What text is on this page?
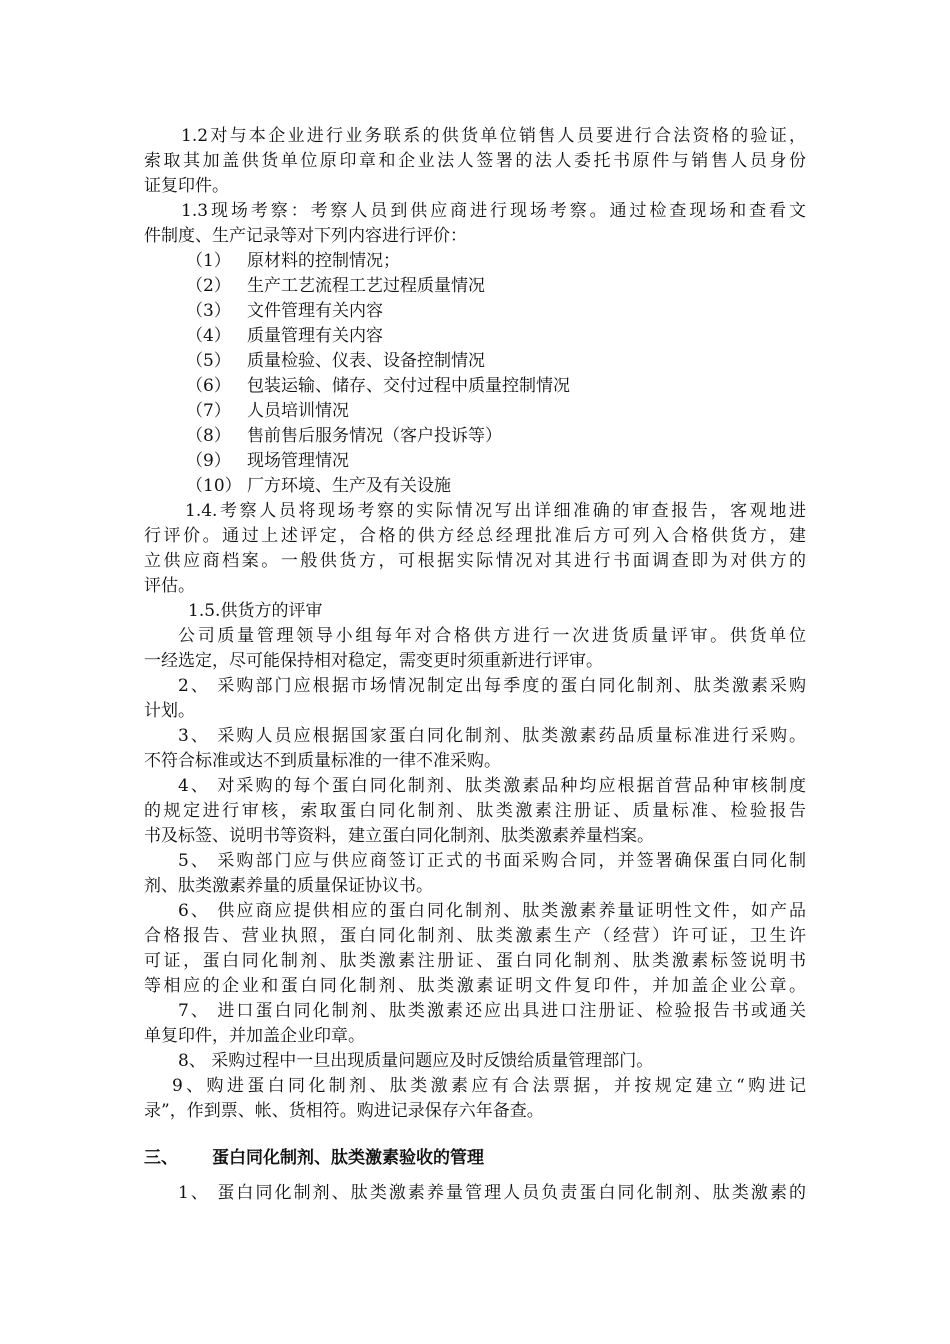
1.2对与本企业进行业务联系的供货单位销售人员要进行合法资格的验证，
索取其加盖供货单位原印章和企业法人签署的法人委托书原件与销售人员身份
证复印件。
1.3现场考察：考察人员到供应商进行现场考察。通过检查现场和查看文
件制度、生产记录等对下列内容进行评价：
（1） 原材料的控制情况；
（2） 生产工艺流程工艺过程质量情况
（3） 文件管理有关内容
（4） 质量管理有关内容
（5） 质量检验、仪表、设备控制情况
（6） 包装运输、储存、交付过程中质量控制情况
（7） 人员培训情况
（8） 售前售后服务情况（客户投诉等）
（9） 现场管理情况
（10） 厂方环境、生产及有关设施
1.4.考察人员将现场考察的实际情况写出详细准确的审查报告，客观地进
行评价。通过上述评定，合格的供方经总经理批准后方可列入合格供货方，建
立供应商档案。一般供货方，可根据实际情况对其进行书面调查即为对供方的
评估。
1.5.供货方的评审
公司质量管理领导小组每年对合格供方进行一次进货质量评审。供货单位
一经选定，尽可能保持相对稳定，需变更时须重新进行评审。
2、 采购部门应根据市场情况制定出每季度的蛋白同化制剂、肽类激素采购
计划。
3、 采购人员应根据国家蛋白同化制剂、肽类激素药品质量标准进行采购。
不符合标准或达不到质量标准的一律不准采购。
4、 对采购的每个蛋白同化制剂、肽类激素品种均应根据首营品种审核制度
的规定进行审核，索取蛋白同化制剂、肽类激素注册证、质量标准、检验报告
书及标签、说明书等资料，建立蛋白同化制剂、肽类激素养量档案。
5、 采购部门应与供应商签订正式的书面采购合同，并签署确保蛋白同化制
剂、肽类激素养量的质量保证协议书。
6、 供应商应提供相应的蛋白同化制剂、肽类激素养量证明性文件，如产品
合格报告、营业执照，蛋白同化制剂、肽类激素生产（经营）许可证，卫生许
可证，蛋白同化制剂、肽类激素注册证、蛋白同化制剂、肽类激素标签说明书
等相应的企业和蛋白同化制剂、肽类激素证明文件复印件，并加盖企业公章。
7、 进口蛋白同化制剂、肽类激素还应出具进口注册证、检验报告书或通关
单复印件，并加盖企业印章。
8、 采购过程中一旦出现质量问题应及时反馈给质量管理部门。
9、购进蛋白同化制剂、肽类激素应有合法票据，并按规定建立“购进记
录”，作到票、帐、货相符。购进记录保存六年备查。
三、 蛋白同化制剂、肽类激素验收的管理
1、 蛋白同化制剂、肽类激素养量管理人员负责蛋白同化制剂、肽类激素的
